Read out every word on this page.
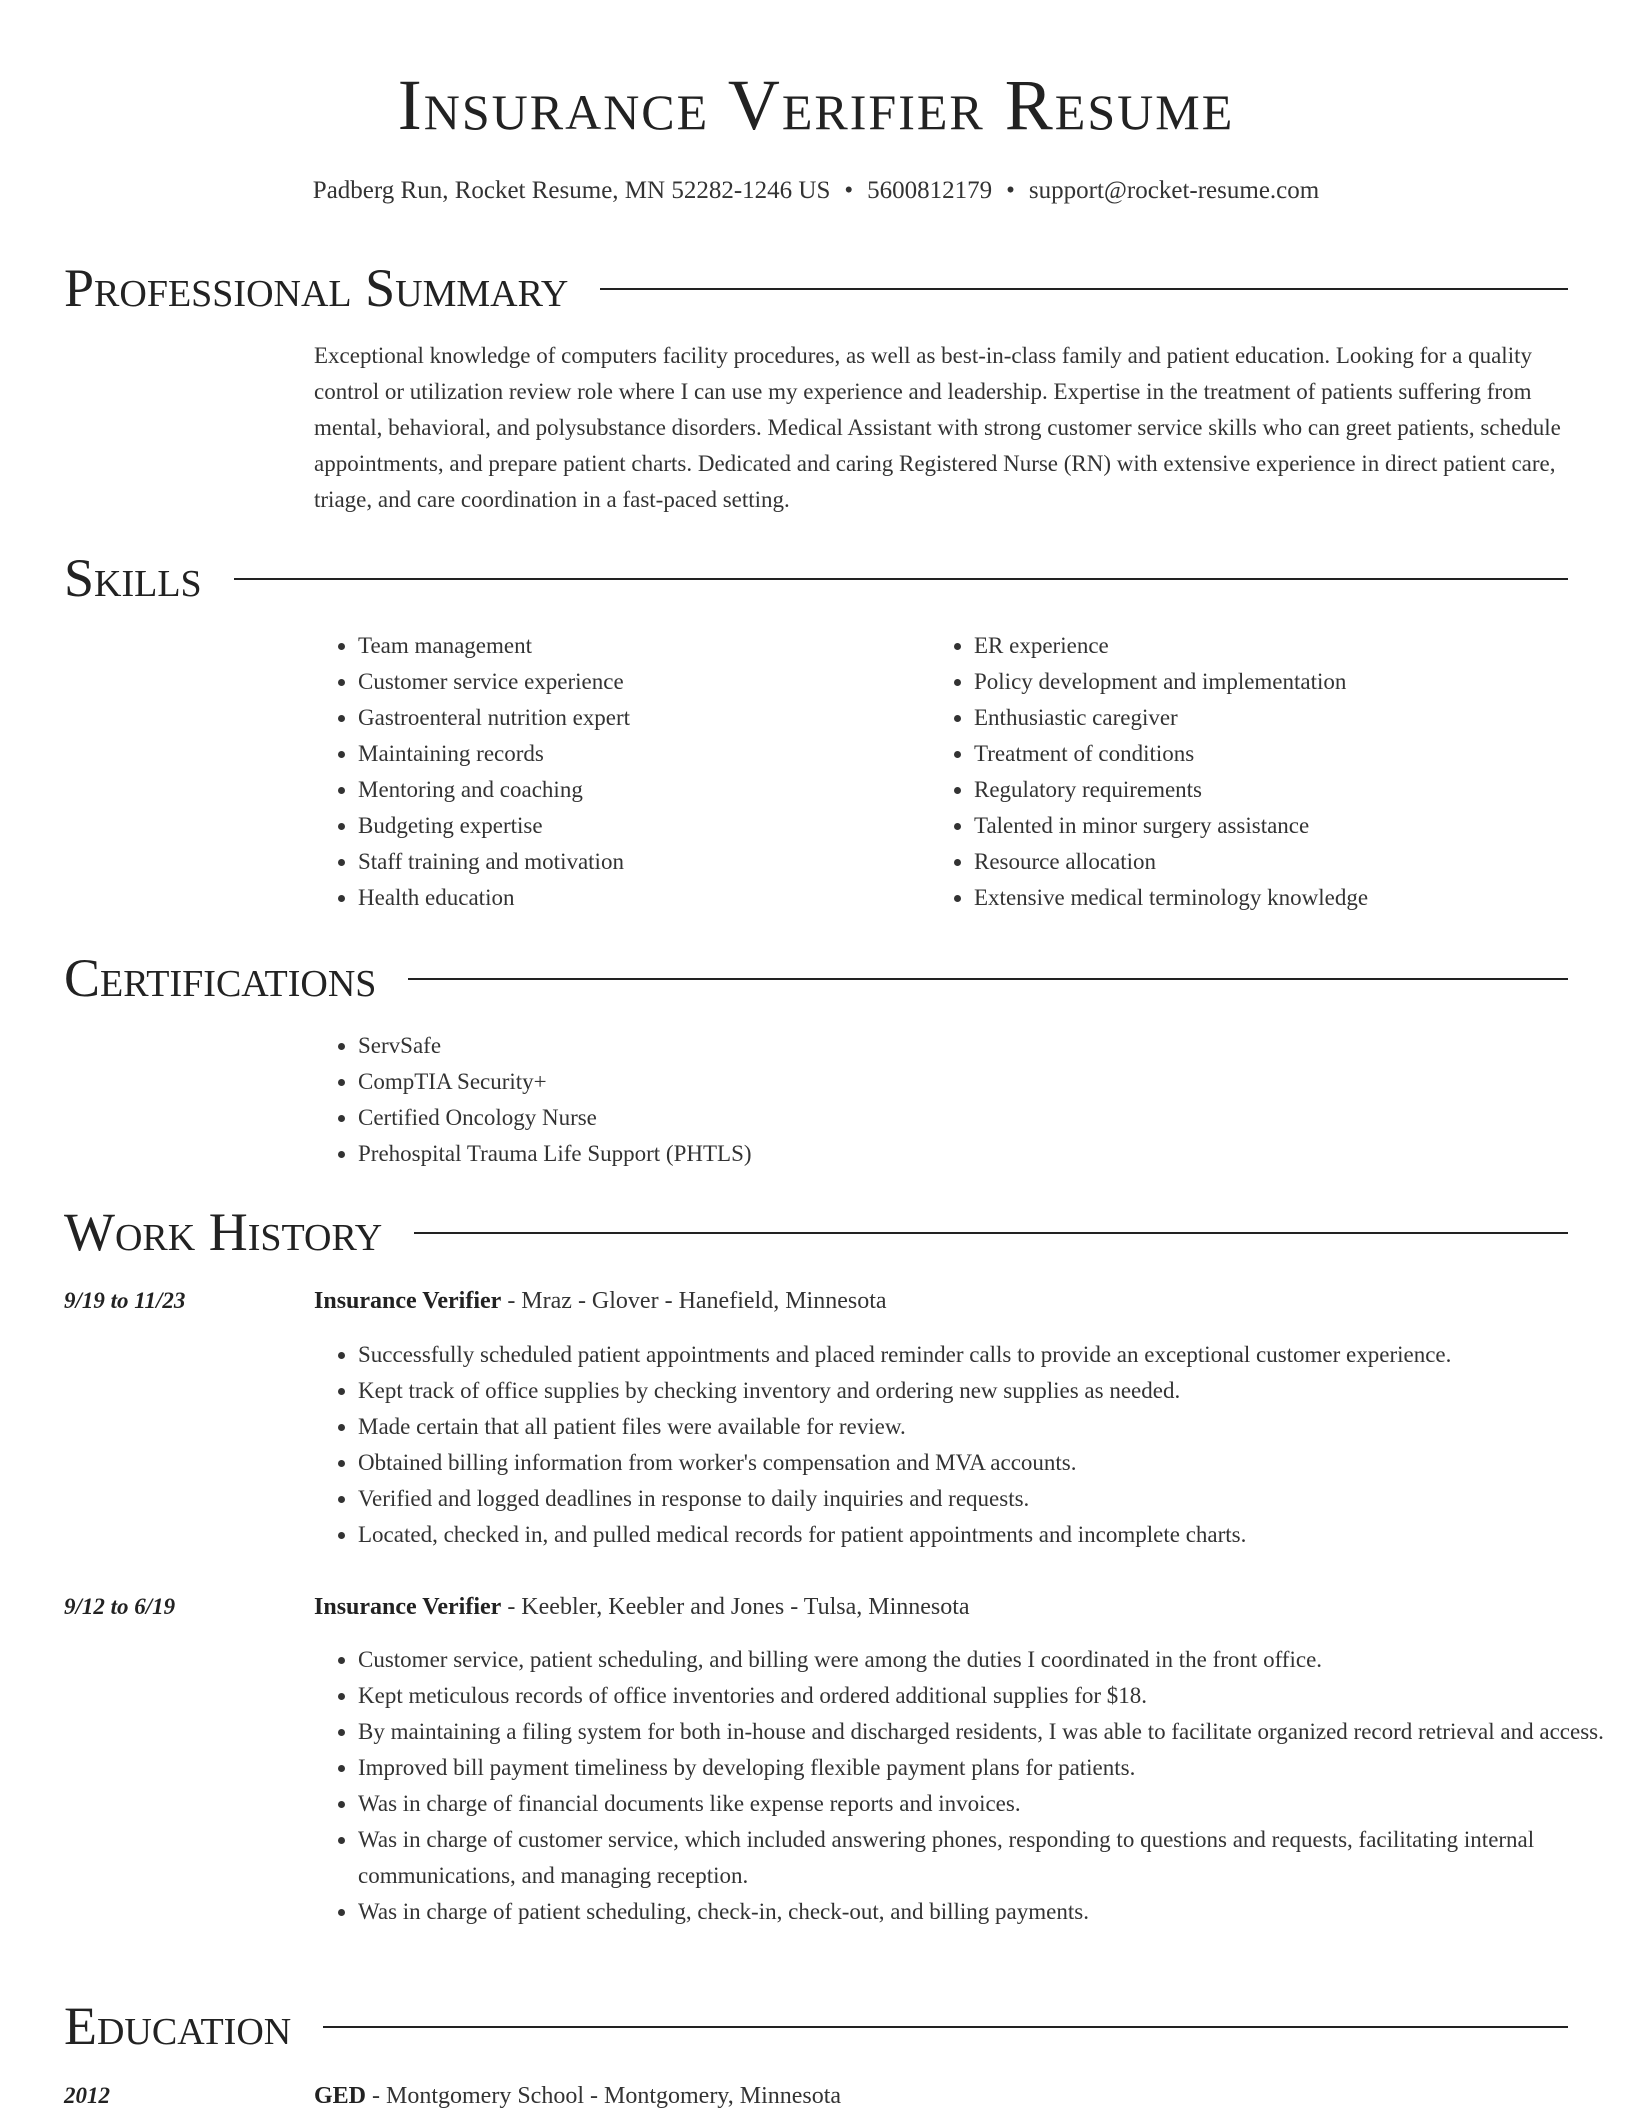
Insurance Verifier Resume
Padberg Run, Rocket Resume, MN 52282-1246 US • 5600812179 • support@rocket-resume.com
Professional Summary

Exceptional knowledge of computers facility procedures, as well as best-in-class family and patient education. Looking for a quality control or utilization review role where I can use my experience and leadership. Expertise in the treatment of patients suffering from mental, behavioral, and polysubstance disorders. Medical Assistant with strong customer service skills who can greet patients, schedule appointments, and prepare patient charts. Dedicated and caring Registered Nurse (RN) with extensive experience in direct patient care, triage, and care coordination in a fast-paced setting.

Skills
• Team management
• Customer service experience
• Gastroenteral nutrition expert
• Maintaining records
• Mentoring and coaching
• Budgeting expertise
• Staff training and motivation
• Health education
• ER experience
• Policy development and implementation
• Enthusiastic caregiver
• Treatment of conditions
• Regulatory requirements
• Talented in minor surgery assistance
• Resource allocation
• Extensive medical terminology knowledge
Certifications
• ServSafe
• CompTIA Security+
• Certified Oncology Nurse
• Prehospital Trauma Life Support (PHTLS)
Work History
9/19 to 11/23	Insurance Verifier - Mraz - Glover - Hanefield, Minnesota
• Successfully scheduled patient appointments and placed reminder calls to provide an exceptional customer experience.
• Kept track of office supplies by checking inventory and ordering new supplies as needed.
• Made certain that all patient files were available for review.
• Obtained billing information from worker's compensation and MVA accounts.
• Verified and logged deadlines in response to daily inquiries and requests.
• Located, checked in, and pulled medical records for patient appointments and incomplete charts.
9/12 to 6/19	Insurance Verifier - Keebler, Keebler and Jones - Tulsa, Minnesota
• Customer service, patient scheduling, and billing were among the duties I coordinated in the front office.
• Kept meticulous records of office inventories and ordered additional supplies for $18.
• By maintaining a filing system for both in-house and discharged residents, I was able to facilitate organized record retrieval and access.
• Improved bill payment timeliness by developing flexible payment plans for patients.
• Was in charge of financial documents like expense reports and invoices.
• Was in charge of customer service, which included answering phones, responding to questions and requests, facilitating internal communications, and managing reception.
• Was in charge of patient scheduling, check-in, check-out, and billing payments.
Education
2012	GED - Montgomery School - Montgomery, Minnesota
